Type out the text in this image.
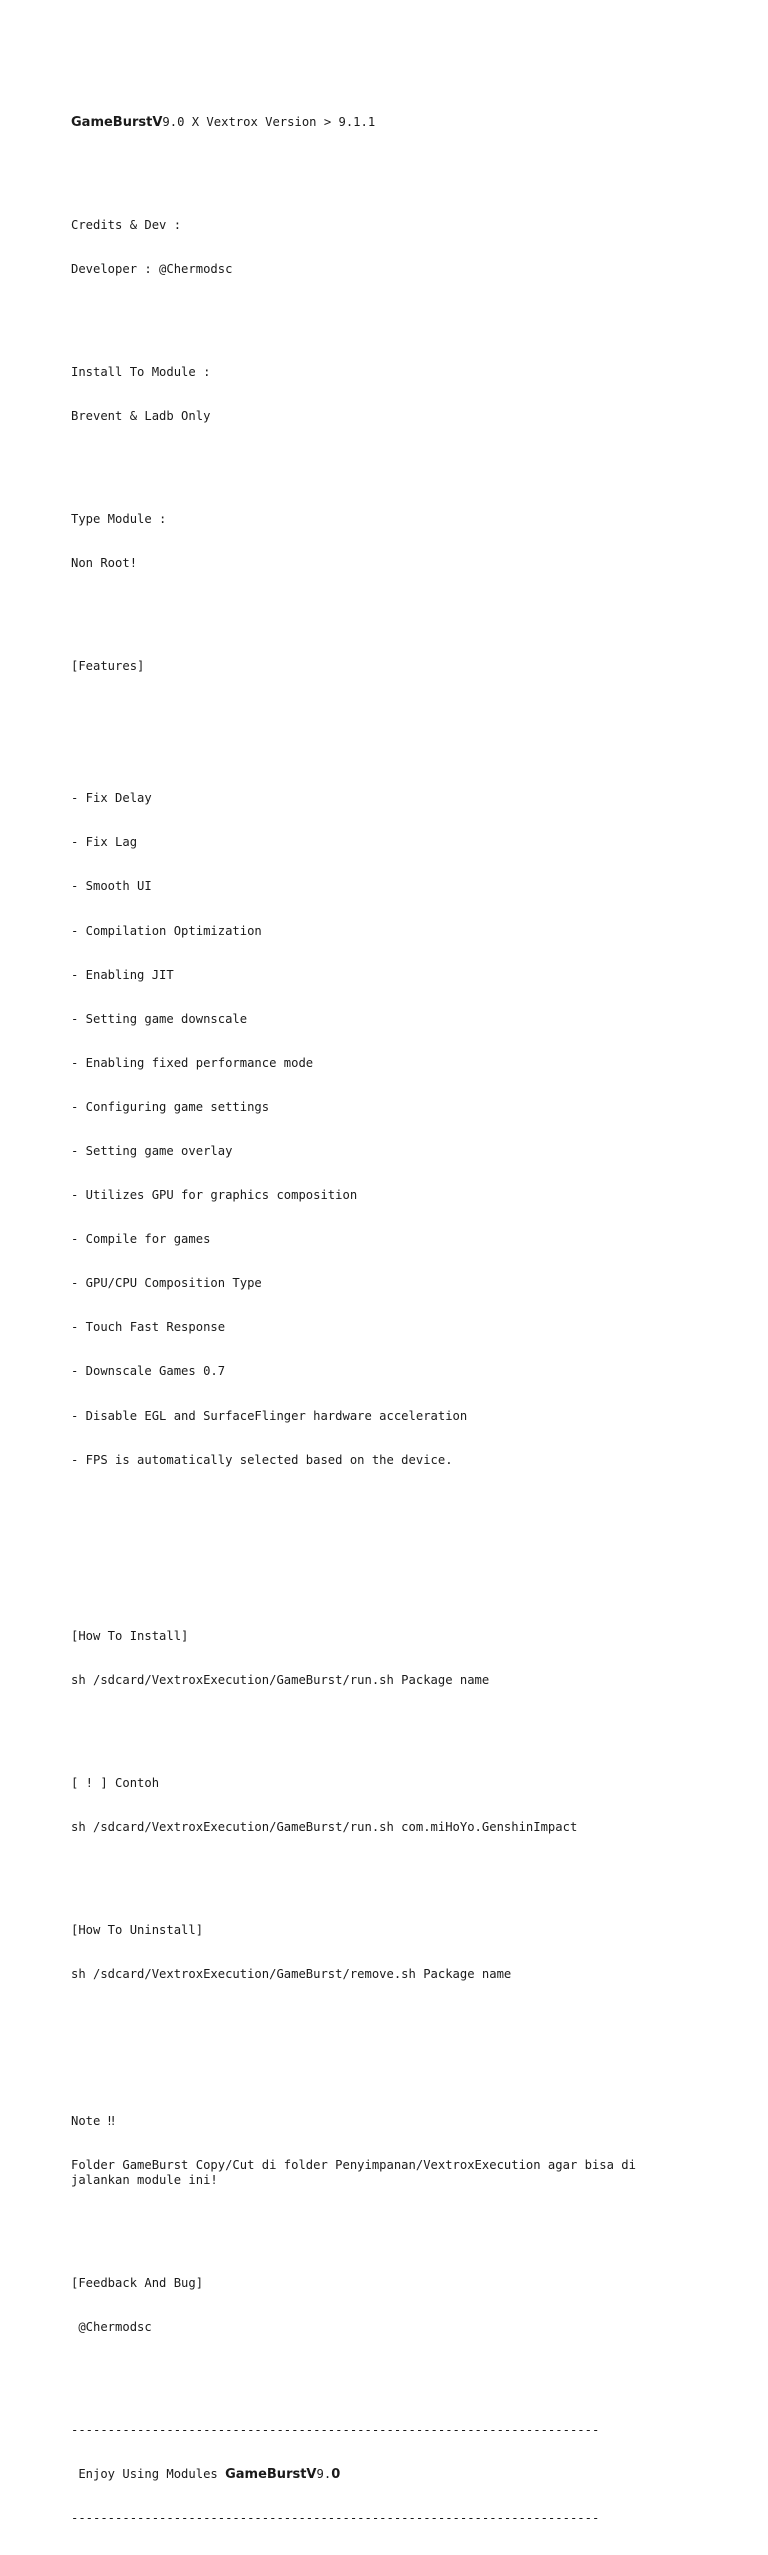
GameBurstV9.0 X Vextrox Version > 9.1.1

Credits & Dev :

Developer : @Chermodsc

Install To Module :

Brevent & Ladb Only

Type Module :

Non Root!

[Features]

- Fix Delay

- Fix Lag

- Smooth UI

- Compilation Optimization

- Enabling JIT

- Setting game downscale

- Enabling fixed performance mode

- Configuring game settings

- Setting game overlay

- Utilizes GPU for graphics composition

- Compile for games

- GPU/CPU Composition Type

- Touch Fast Response

- Downscale Games 0.7

- Disable EGL and SurfaceFlinger hardware acceleration

- FPS is automatically selected based on the device.

[How To Install]

sh /sdcard/VextroxExecution/GameBurst/run.sh Package name

[ ! ] Contoh

sh /sdcard/VextroxExecution/GameBurst/run.sh com.miHoYo.GenshinImpact

[How To Uninstall]

sh /sdcard/VextroxExecution/GameBurst/remove.sh Package name

Note ‼

Folder GameBurst Copy/Cut di folder Penyimpanan/VextroxExecution agar bisa di jalankan module ini!

[Feedback And Bug]

@Chermodsc

------------------------------------------------------------------------

Enjoy Using Modules GameBurstV9.0

------------------------------------------------------------------------
